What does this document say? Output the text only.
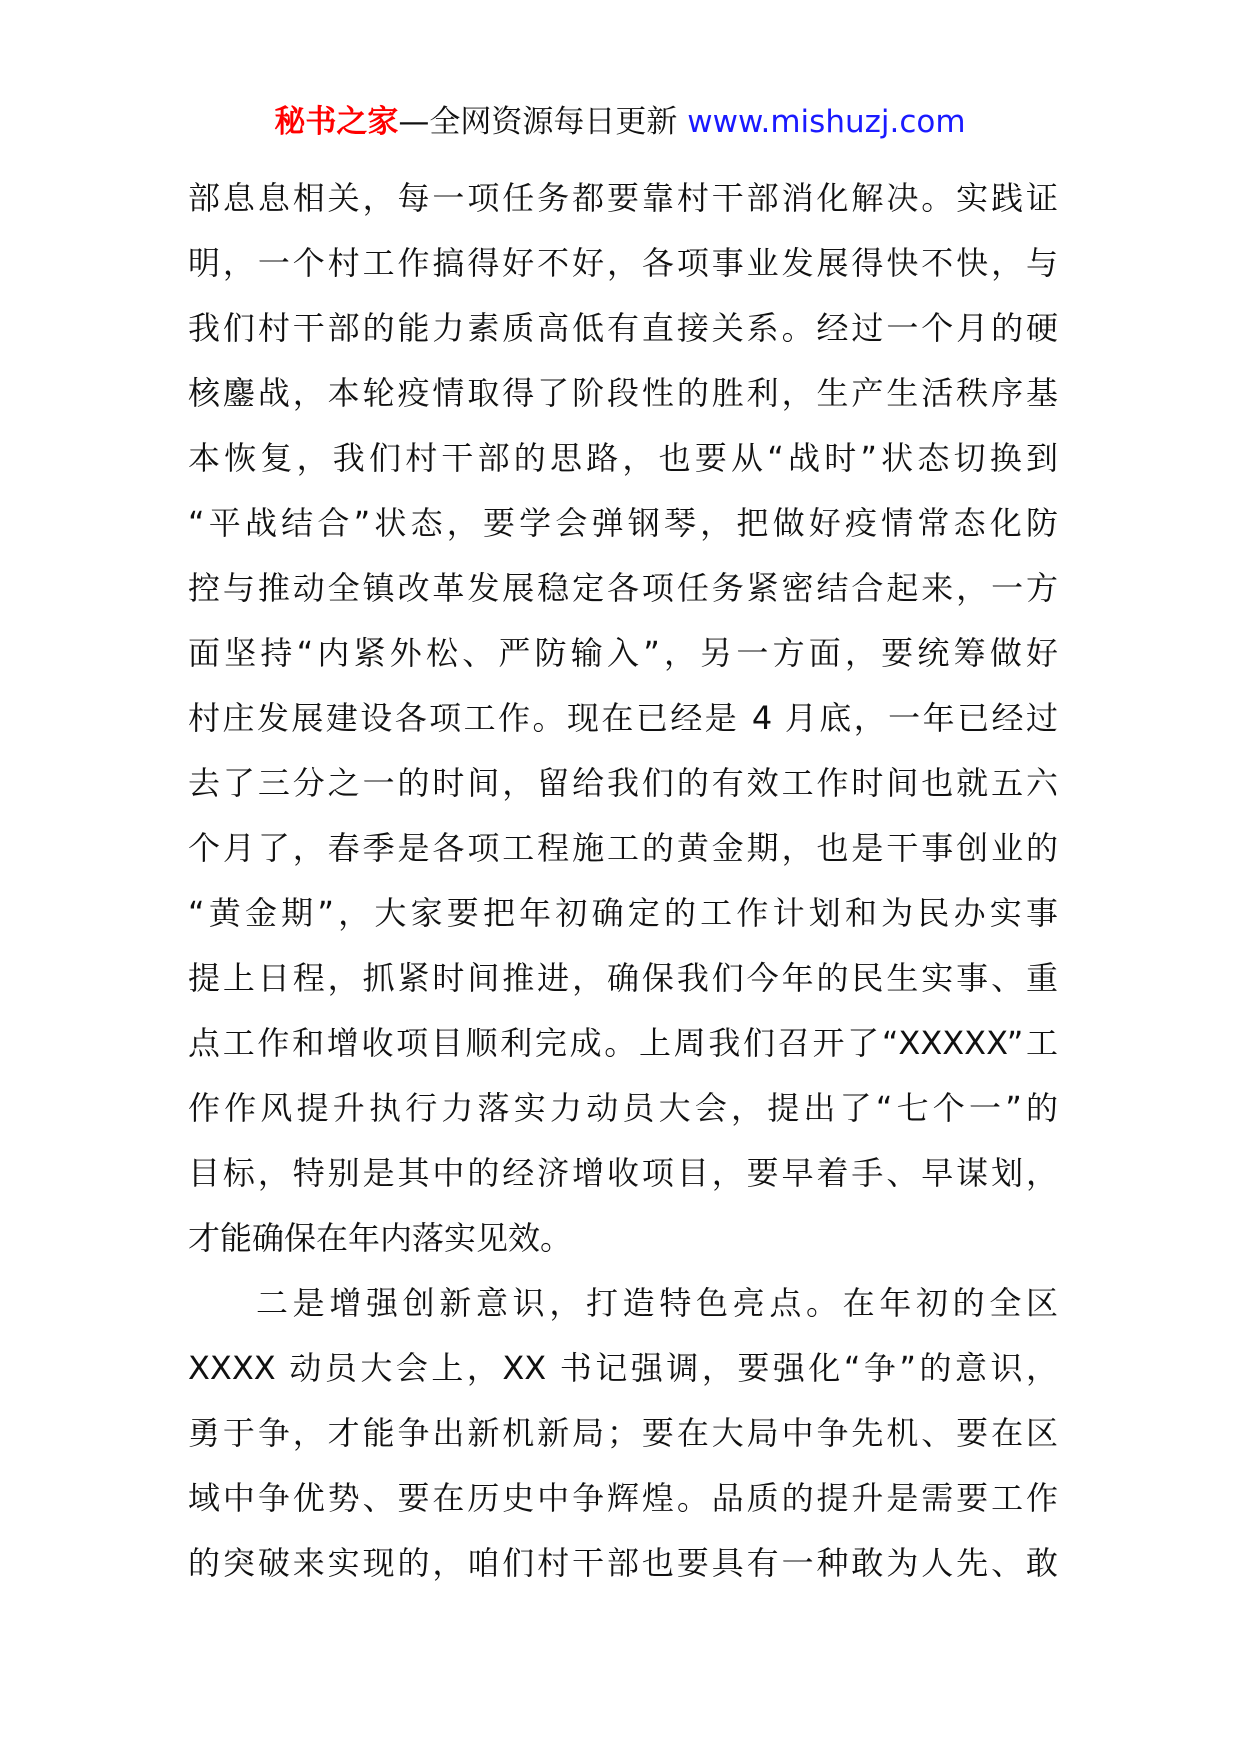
秘书之家—全网资源每日更新 www.mishuzj.com
部息息相关，每一项任务都要靠村干部消化解决。实践证
明，一个村工作搞得好不好，各项事业发展得快不快，与
我们村干部的能力素质高低有直接关系。经过一个月的硬
核鏖战，本轮疫情取得了阶段性的胜利，生产生活秩序基
本恢复，我们村干部的思路，也要从“战时”状态切换到
“平战结合”状态，要学会弹钢琴，把做好疫情常态化防
控与推动全镇改革发展稳定各项任务紧密结合起来，一方
面坚持“内紧外松、严防输入”，另一方面，要统筹做好
村庄发展建设各项工作。现在已经是 4 月底，一年已经过
去了三分之一的时间，留给我们的有效工作时间也就五六
个月了，春季是各项工程施工的黄金期，也是干事创业的
“黄金期”，大家要把年初确定的工作计划和为民办实事
提上日程，抓紧时间推进，确保我们今年的民生实事、重
点工作和增收项目顺利完成。上周我们召开了“XXXXX”工
作作风提升执行力落实力动员大会，提出了“七个一”的
目标，特别是其中的经济增收项目，要早着手、早谋划，
才能确保在年内落实见效。
二是增强创新意识，打造特色亮点。在年初的全区
XXXX 动员大会上，XX 书记强调，要强化“争”的意识，
勇于争，才能争出新机新局；要在大局中争先机、要在区
域中争优势、要在历史中争辉煌。品质的提升是需要工作
的突破来实现的，咱们村干部也要具有一种敢为人先、敢
